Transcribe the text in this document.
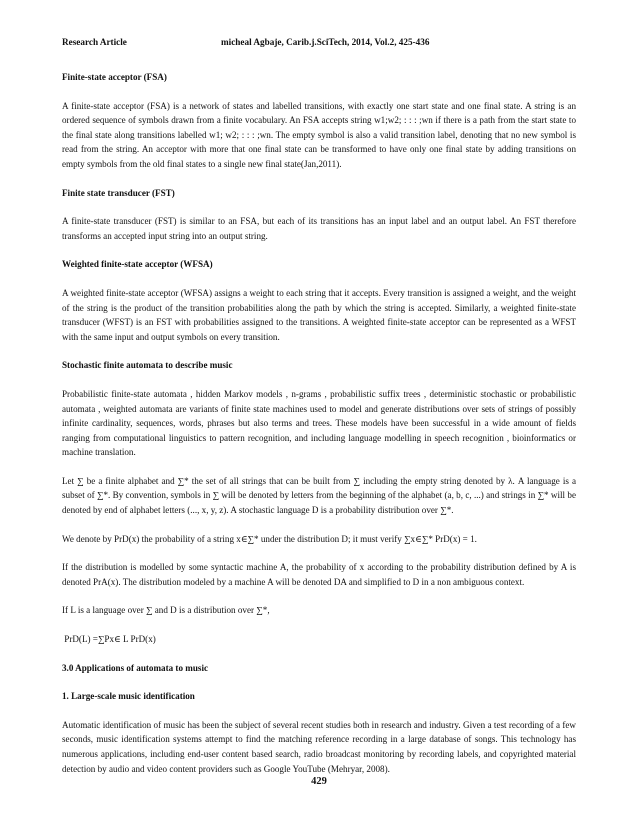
Research Article	micheal Agbaje, Carib.j.SciTech, 2014, Vol.2, 425-436
Finite-state acceptor (FSA)

A finite-state acceptor (FSA) is a network of states and labelled transitions, with exactly one start state and one final state. A string is an ordered sequence of symbols drawn from a finite vocabulary. An FSA accepts string w1;w2; : : : ;wn if there is a path from the start state to the final state along transitions labelled w1; w2; : : : ;wn. The empty symbol is also a valid transition label, denoting that no new symbol is read from the string. An acceptor with more that one final state can be transformed to have only one final state by adding transitions on empty symbols from the old final states to a single new final state(Jan,2011).

Finite state transducer (FST)

A finite-state transducer (FST) is similar to an FSA, but each of its transitions has an input label and an output label. An FST therefore transforms an accepted input string into an output string.

Weighted finite-state acceptor (WFSA)

A weighted finite-state acceptor (WFSA) assigns a weight to each string that it accepts. Every transition is assigned a weight, and the weight of the string is the product of the transition probabilities along the path by which the string is accepted. Similarly, a weighted finite-state transducer (WFST) is an FST with probabilities assigned to the transitions. A weighted finite-state acceptor can be represented as a WFST with the same input and output symbols on every transition.

Stochastic finite automata to describe music

Probabilistic finite-state automata , hidden Markov models , n-grams , probabilistic suffix trees , deterministic stochastic or probabilistic automata , weighted automata are variants of finite state machines used to model and generate distributions over sets of strings of possibly infinite cardinality, sequences, words, phrases but also terms and trees. These models have been successful in a wide amount of fields ranging from computational linguistics to pattern recognition, and including language modelling in speech recognition , bioinformatics or machine translation.

Let ∑ be a finite alphabet and ∑* the set of all strings that can be built from ∑ including the empty string denoted by λ. A language is a subset of ∑*. By convention, symbols in ∑ will be denoted by letters from the beginning of the alphabet (a, b, c, ...) and strings in ∑* will be denoted by end of alphabet letters (..., x, y, z). A stochastic language D is a probability distribution over ∑*.

We denote by PrD(x) the probability of a string x∈∑* under the distribution D; it must verify ∑x∈∑* PrD(x) = 1.

If the distribution is modelled by some syntactic machine A, the probability of x according to the probability distribution defined by A is denoted PrA(x). The distribution modeled by a machine A will be denoted DA and simplified to D in a non ambiguous context.

If L is a language over ∑ and D is a distribution over ∑*,

PrD(L) =∑Px∈ L PrD(x)

3.0 Applications of automata to music
1. Large-scale music identification

Automatic identification of music has been the subject of several recent studies both in research and industry. Given a test recording of a few seconds, music identification systems attempt to find the matching reference recording in a large database of songs. This technology has numerous applications, including end-user content based search, radio broadcast monitoring by recording labels, and copyrighted material detection by audio and video content providers such as Google YouTube (Mehryar, 2008).

429
